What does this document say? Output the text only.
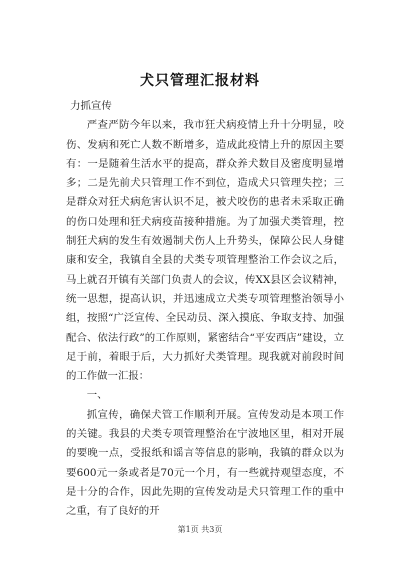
犬只管理汇报材料

力抓宣传

严查严防今年以来，我市狂犬病疫情上升十分明显，咬伤、发病和死亡人数不断增多，造成此疫情上升的原因主要有：一是随着生活水平的提高，群众养犬数目及密度明显增多；二是先前犬只管理工作不到位，造成犬只管理失控；三是群众对狂犬病危害认识不足，被犬咬伤的患者未采取正确的伤口处理和狂犬病疫苗接种措施。为了加强犬类管理，控制狂犬病的发生有效遏制犬伤人上升势头，保障公民人身健康和安全，我镇自全县的犬类专项管理整治工作会议之后，马上就召开镇有关部门负责人的会议，传XX县区会议精神，统一思想，提高认识，并迅速成立犬类专项管理整治领导小组，按照“广泛宣传、全民动员、深入摸底、争取支持、加强配合、依法行政”的工作原则，紧密结合“平安西店”建设，立足于前，着眼于后，大力抓好犬类管理。现我就对前段时间的工作做一汇报：

一、

抓宣传，确保犬管工作顺利开展。宣传发动是本项工作的关键。我县的犬类专项管理整治在宁波地区里，相对开展的要晚一点，受报纸和谣言等信息的影响，我镇的群众以为要600元一条或者是70元一个月，有一些就持观望态度，不是十分的合作，因此先期的宣传发动是犬只管理工作的重中之重，有了良好的开

第1页 共3页
